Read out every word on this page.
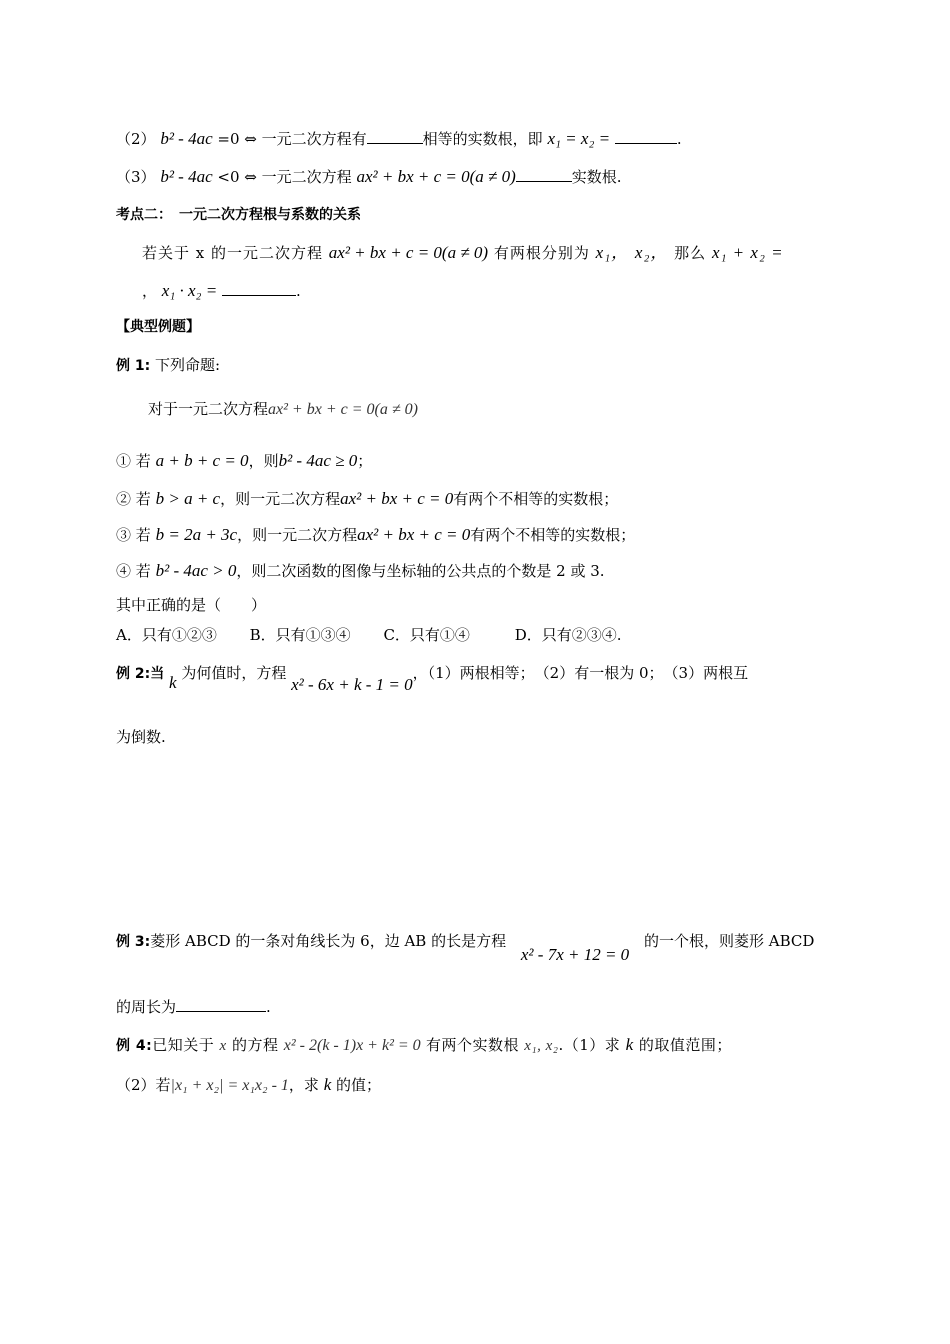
（2） b² - 4ac =0 ⇔ 一元二次方程有	相等的实数根，即 x₁ = x₂ =	.
（3） b² - 4ac <0 ⇔ 一元二次方程 ax² + bx + c = 0(a ≠ 0)	实数根.
考点二：　一元二次方程根与系数的关系
若关于 x 的一元二次方程 ax² + bx + c = 0(a ≠ 0) 有两根分别为 x₁， x₂， 那么 x₁ + x₂ =
， x₁ · x₂ =	.
【典型例题】
例 1: 下列命题:
对于一元二次方程ax² + bx + c = 0(a ≠ 0)
① 若 a + b + c = 0，则b² - 4ac ≥ 0；
② 若 b > a + c，则一元二次方程ax² + bx + c = 0有两个不相等的实数根；
③ 若 b = 2a + 3c，则一元二次方程ax² + bx + c = 0有两个不相等的实数根；
④ 若 b² - 4ac > 0，则二次函数的图像与坐标轴的公共点的个数是 2 或 3.
其中正确的是（　　）
A．只有①②③ B．只有①③④ C．只有①④	D．只有②③④.
例 2:当 k 为何值时，方程 x² - 6x + k - 1 = 0，（1）两根相等；　（2）有一根为 0；　（3）两根互
为倒数.
例 3:菱形 ABCD 的一条对角线长为 6，边 AB 的长是方程 x² - 7x + 12 = 0 的一个根，则菱形 ABCD
的周长为	.
例 4:已知关于 x 的方程 x² - 2(k - 1)x + k² = 0 有两个实数根 x₁, x₂.（1）求 k 的取值范围；
（2）若|x₁ + x₂| = x₁x₂ - 1，求 k 的值；
